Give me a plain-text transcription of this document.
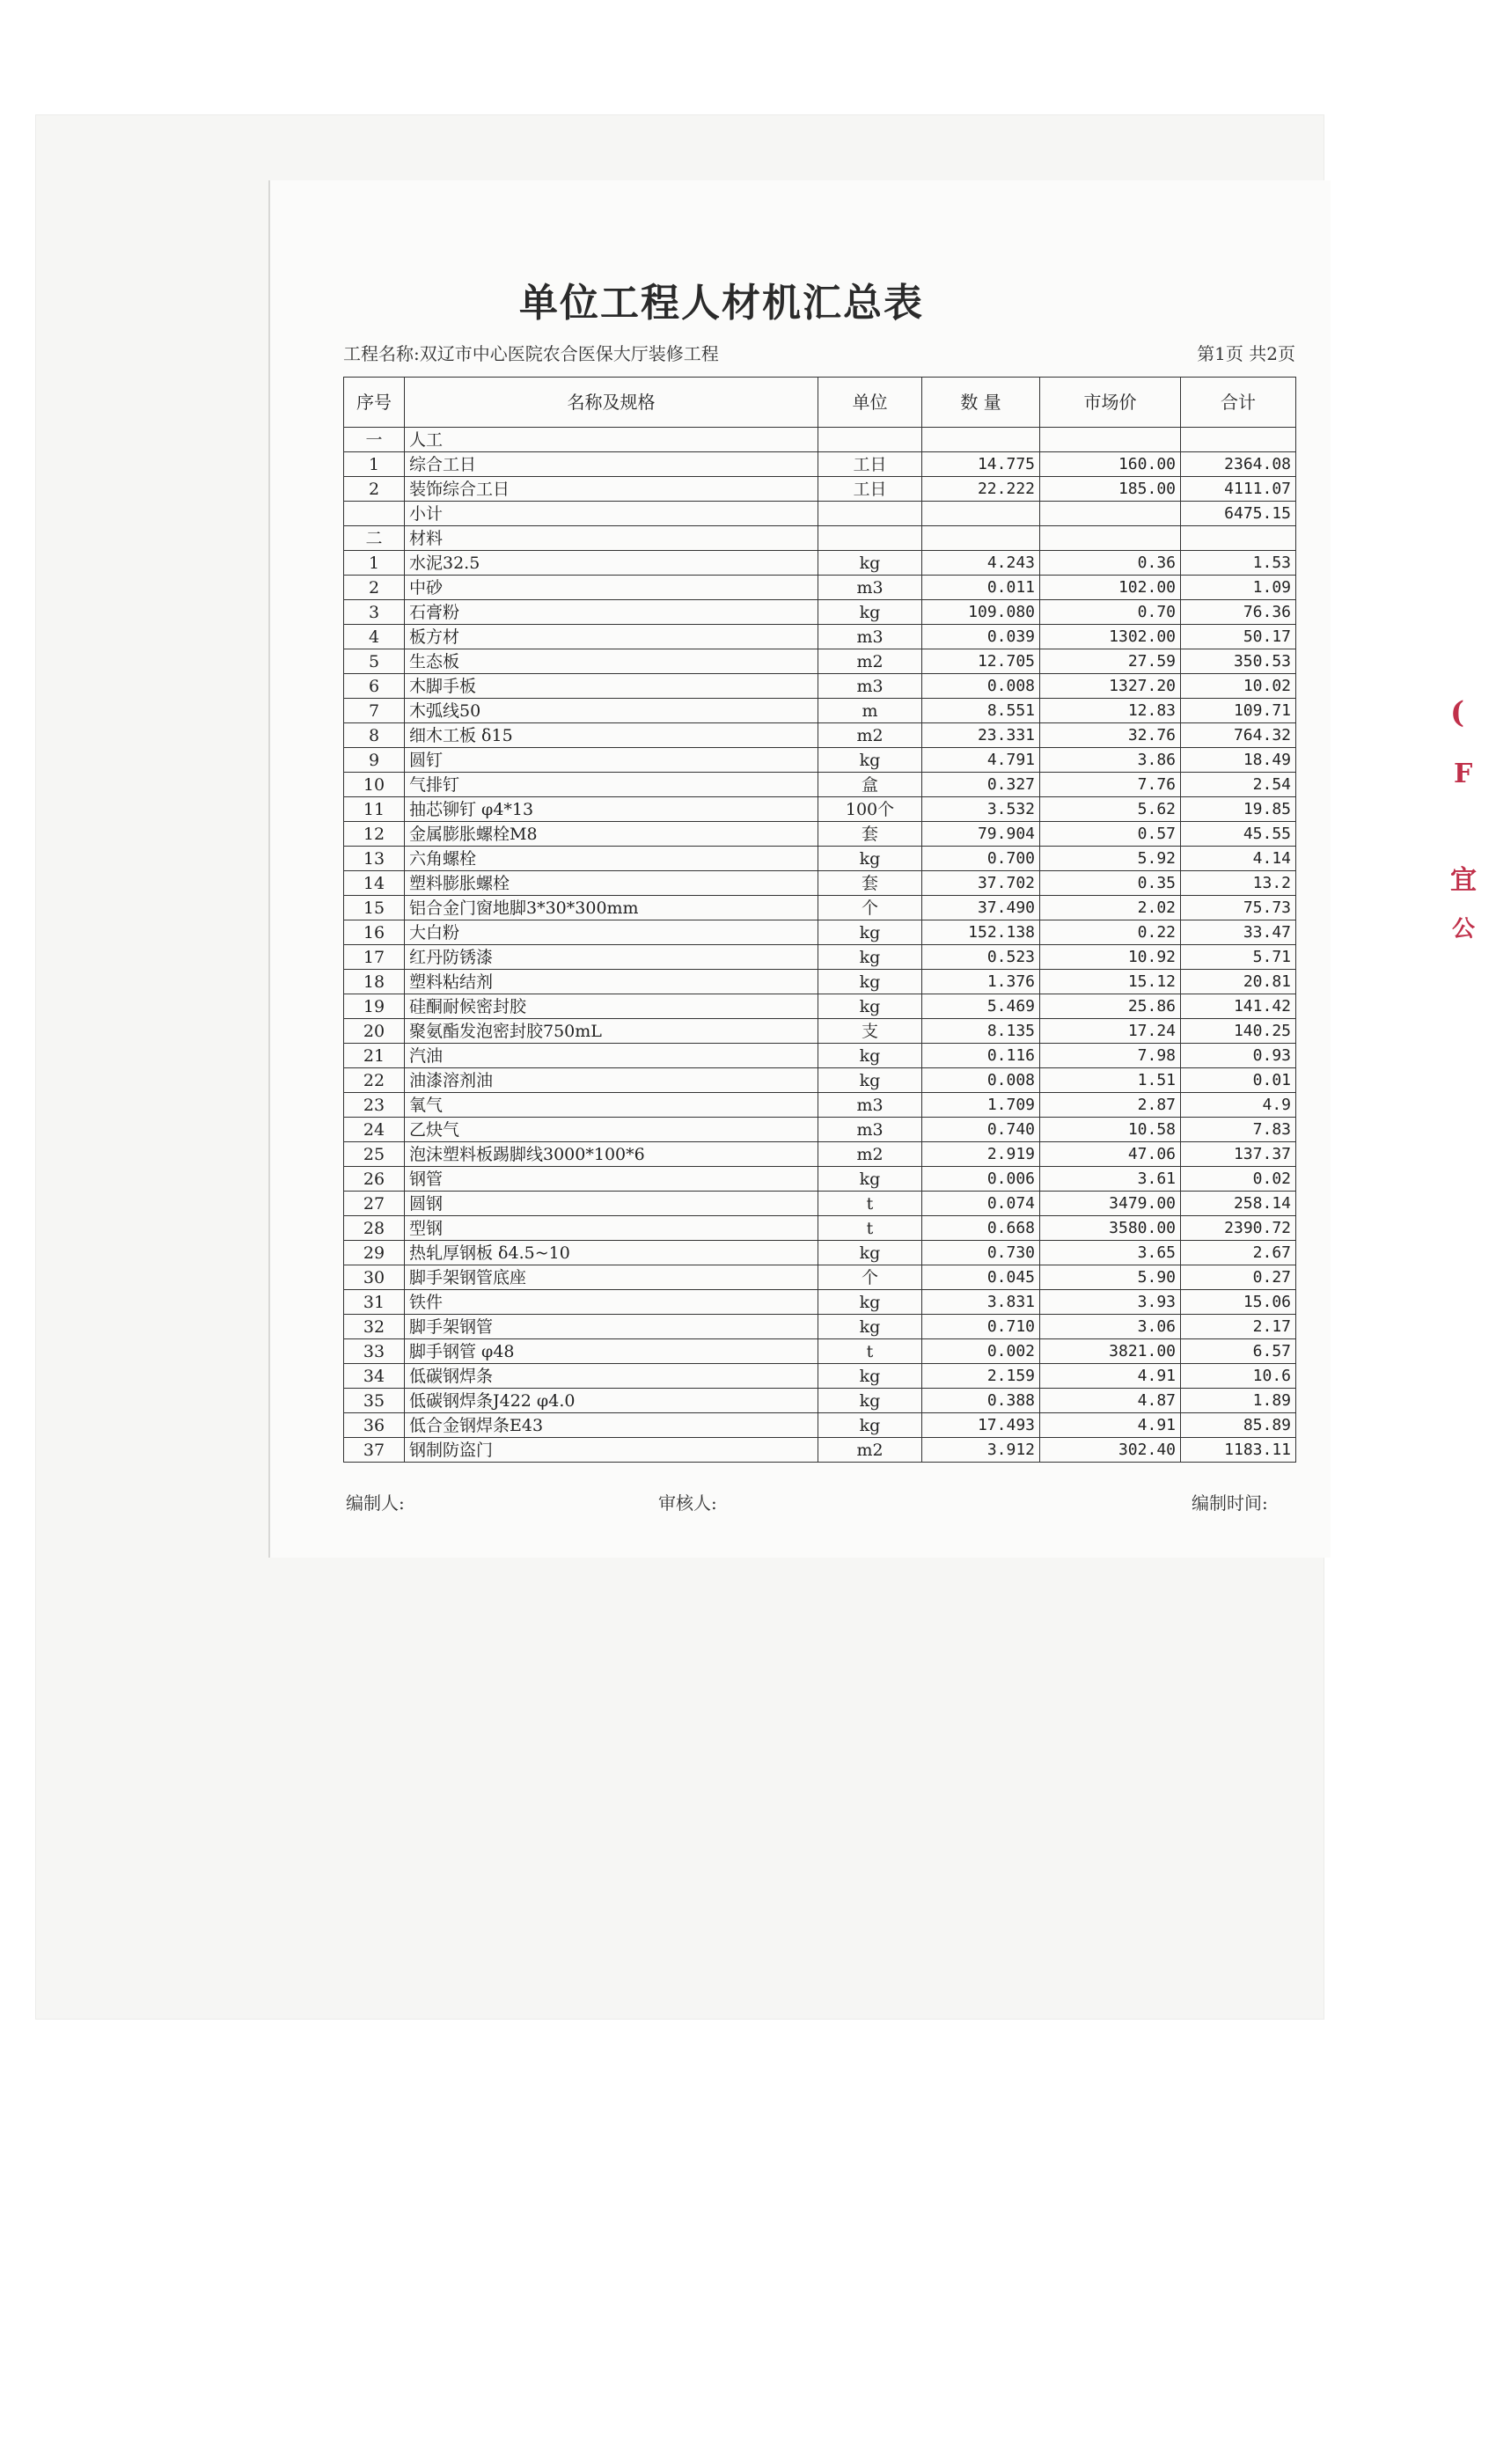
单位工程人材机汇总表
工程名称:双辽市中心医院农合医保大厅装修工程	第1页 共2页
序号	名称及规格	单位	数 量	市场价	合计
一	人工				
1	综合工日	工日	14.775	160.00	2364.08
2	装饰综合工日	工日	22.222	185.00	4111.07
	小计				6475.15
二	材料				
1	水泥32.5	kg	4.243	0.36	1.53
2	中砂	m3	0.011	102.00	1.09
3	石膏粉	kg	109.080	0.70	76.36
4	板方材	m3	0.039	1302.00	50.17
5	生态板	m2	12.705	27.59	350.53
6	木脚手板	m3	0.008	1327.20	10.02
7	木弧线50	m	8.551	12.83	109.71
8	细木工板 δ15	m2	23.331	32.76	764.32
9	圆钉	kg	4.791	3.86	18.49
10	气排钉	盒	0.327	7.76	2.54
11	抽芯铆钉 φ4*13	100个	3.532	5.62	19.85
12	金属膨胀螺栓M8	套	79.904	0.57	45.55
13	六角螺栓	kg	0.700	5.92	4.14
14	塑料膨胀螺栓	套	37.702	0.35	13.2
15	铝合金门窗地脚3*30*300mm	个	37.490	2.02	75.73
16	大白粉	kg	152.138	0.22	33.47
17	红丹防锈漆	kg	0.523	10.92	5.71
18	塑料粘结剂	kg	1.376	15.12	20.81
19	硅酮耐候密封胶	kg	5.469	25.86	141.42
20	聚氨酯发泡密封胶750mL	支	8.135	17.24	140.25
21	汽油	kg	0.116	7.98	0.93
22	油漆溶剂油	kg	0.008	1.51	0.01
23	氧气	m3	1.709	2.87	4.9
24	乙炔气	m3	0.740	10.58	7.83
25	泡沫塑料板踢脚线3000*100*6	m2	2.919	47.06	137.37
26	钢管	kg	0.006	3.61	0.02
27	圆钢	t	0.074	3479.00	258.14
28	型钢	t	0.668	3580.00	2390.72
29	热轧厚钢板 δ4.5~10	kg	0.730	3.65	2.67
30	脚手架钢管底座	个	0.045	5.90	0.27
31	铁件	kg	3.831	3.93	15.06
32	脚手架钢管	kg	0.710	3.06	2.17
33	脚手钢管 φ48	t	0.002	3821.00	6.57
34	低碳钢焊条	kg	2.159	4.91	10.6
35	低碳钢焊条J422 φ4.0	kg	0.388	4.87	1.89
36	低合金钢焊条E43	kg	17.493	4.91	85.89
37	钢制防盗门	m2	3.912	302.40	1183.11
编制人:	审核人:	编制时间:
(
F
宜
公
